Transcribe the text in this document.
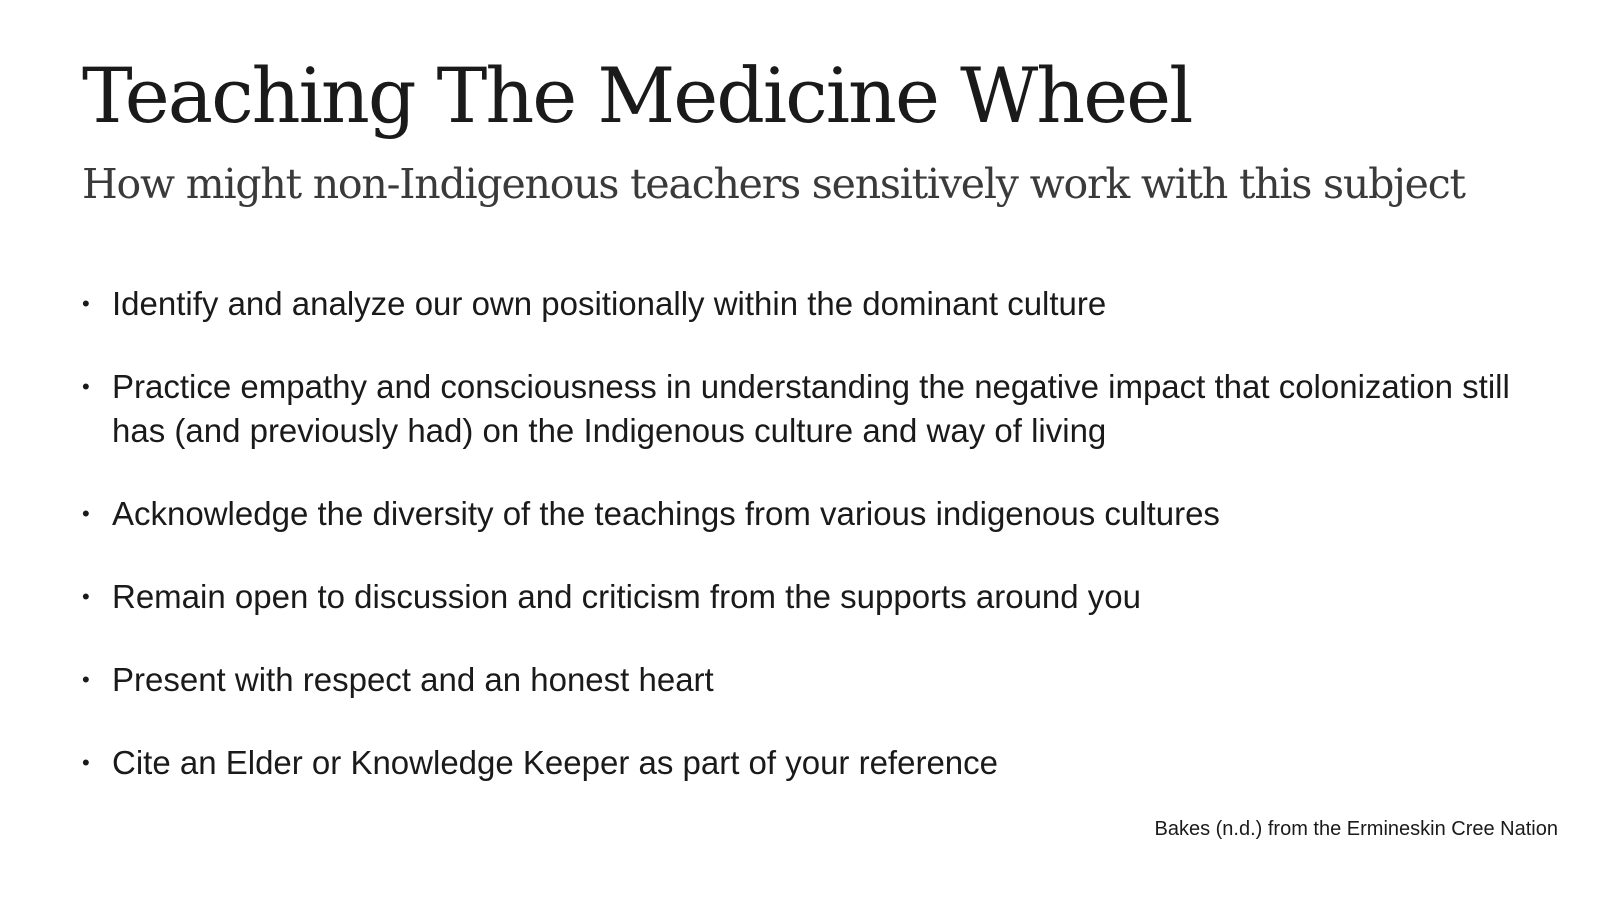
Teaching The Medicine Wheel
How might non-Indigenous teachers sensitively work with this subject
• Identify and analyze our own positionally within the dominant culture
• Practice empathy and consciousness in understanding the negative impact that colonization still has (and previously had) on the Indigenous culture and way of living
• Acknowledge the diversity of the teachings from various indigenous cultures
• Remain open to discussion and criticism from the supports around you
• Present with respect and an honest heart
• Cite an Elder or Knowledge Keeper as part of your reference
Bakes (n.d.) from the Ermineskin Cree Nation
